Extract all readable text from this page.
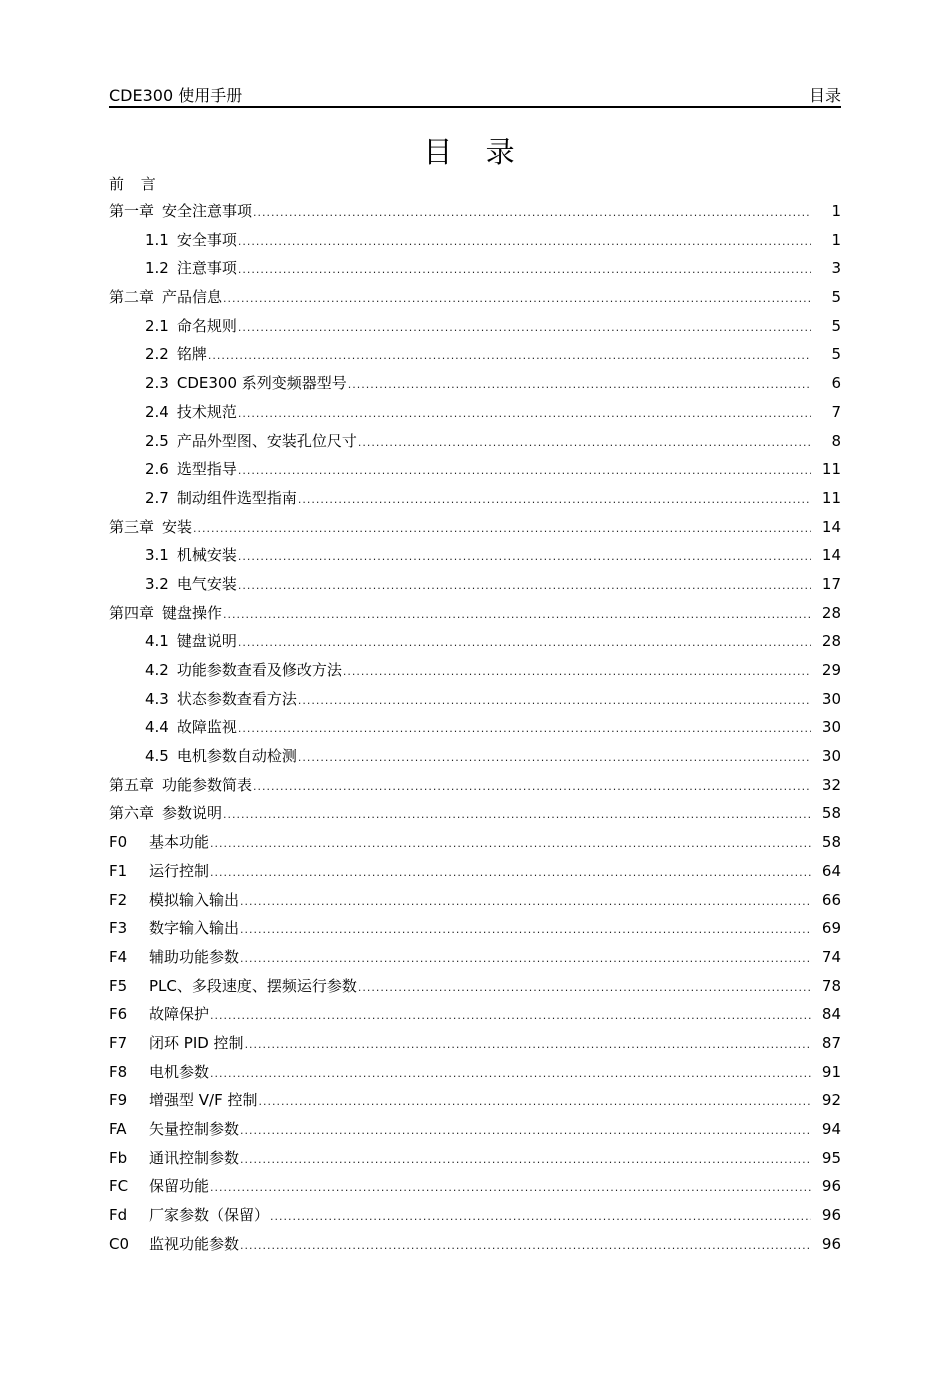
CDE300 使用手册	目录
目 录
前 言
第一章 安全注意事项 .....	1
1.1 安全事项 .....	1
1.2 注意事项 .....	3
第二章 产品信息 .....	5
2.1 命名规则 .....	5
2.2 铭牌 .....	5
2.3 CDE300 系列变频器型号 .....	6
2.4 技术规范 .....	7
2.5 产品外型图、安装孔位尺寸 .....	8
2.6 选型指导 .....	11
2.7 制动组件选型指南 .....	11
第三章 安装 .....	14
3.1 机械安装 .....	14
3.2 电气安装 .....	17
第四章 键盘操作 .....	28
4.1 键盘说明 .....	28
4.2 功能参数查看及修改方法 .....	29
4.3 状态参数查看方法 .....	30
4.4 故障监视 .....	30
4.5 电机参数自动检测 .....	30
第五章 功能参数简表 .....	32
第六章 参数说明 .....	58
F0	基本功能 .....	58
F1	运行控制 .....	64
F2	模拟输入输出 .....	66
F3	数字输入输出 .....	69
F4	辅助功能参数 .....	74
F5	PLC、多段速度、摆频运行参数 .....	78
F6	故障保护 .....	84
F7	闭环 PID 控制 .....	87
F8	电机参数 .....	91
F9	增强型 V/F 控制 .....	92
FA	矢量控制参数 .....	94
Fb	通讯控制参数 .....	95
FC	保留功能 .....	96
Fd	厂家参数（保留） .....	96
C0	监视功能参数 .....	96
